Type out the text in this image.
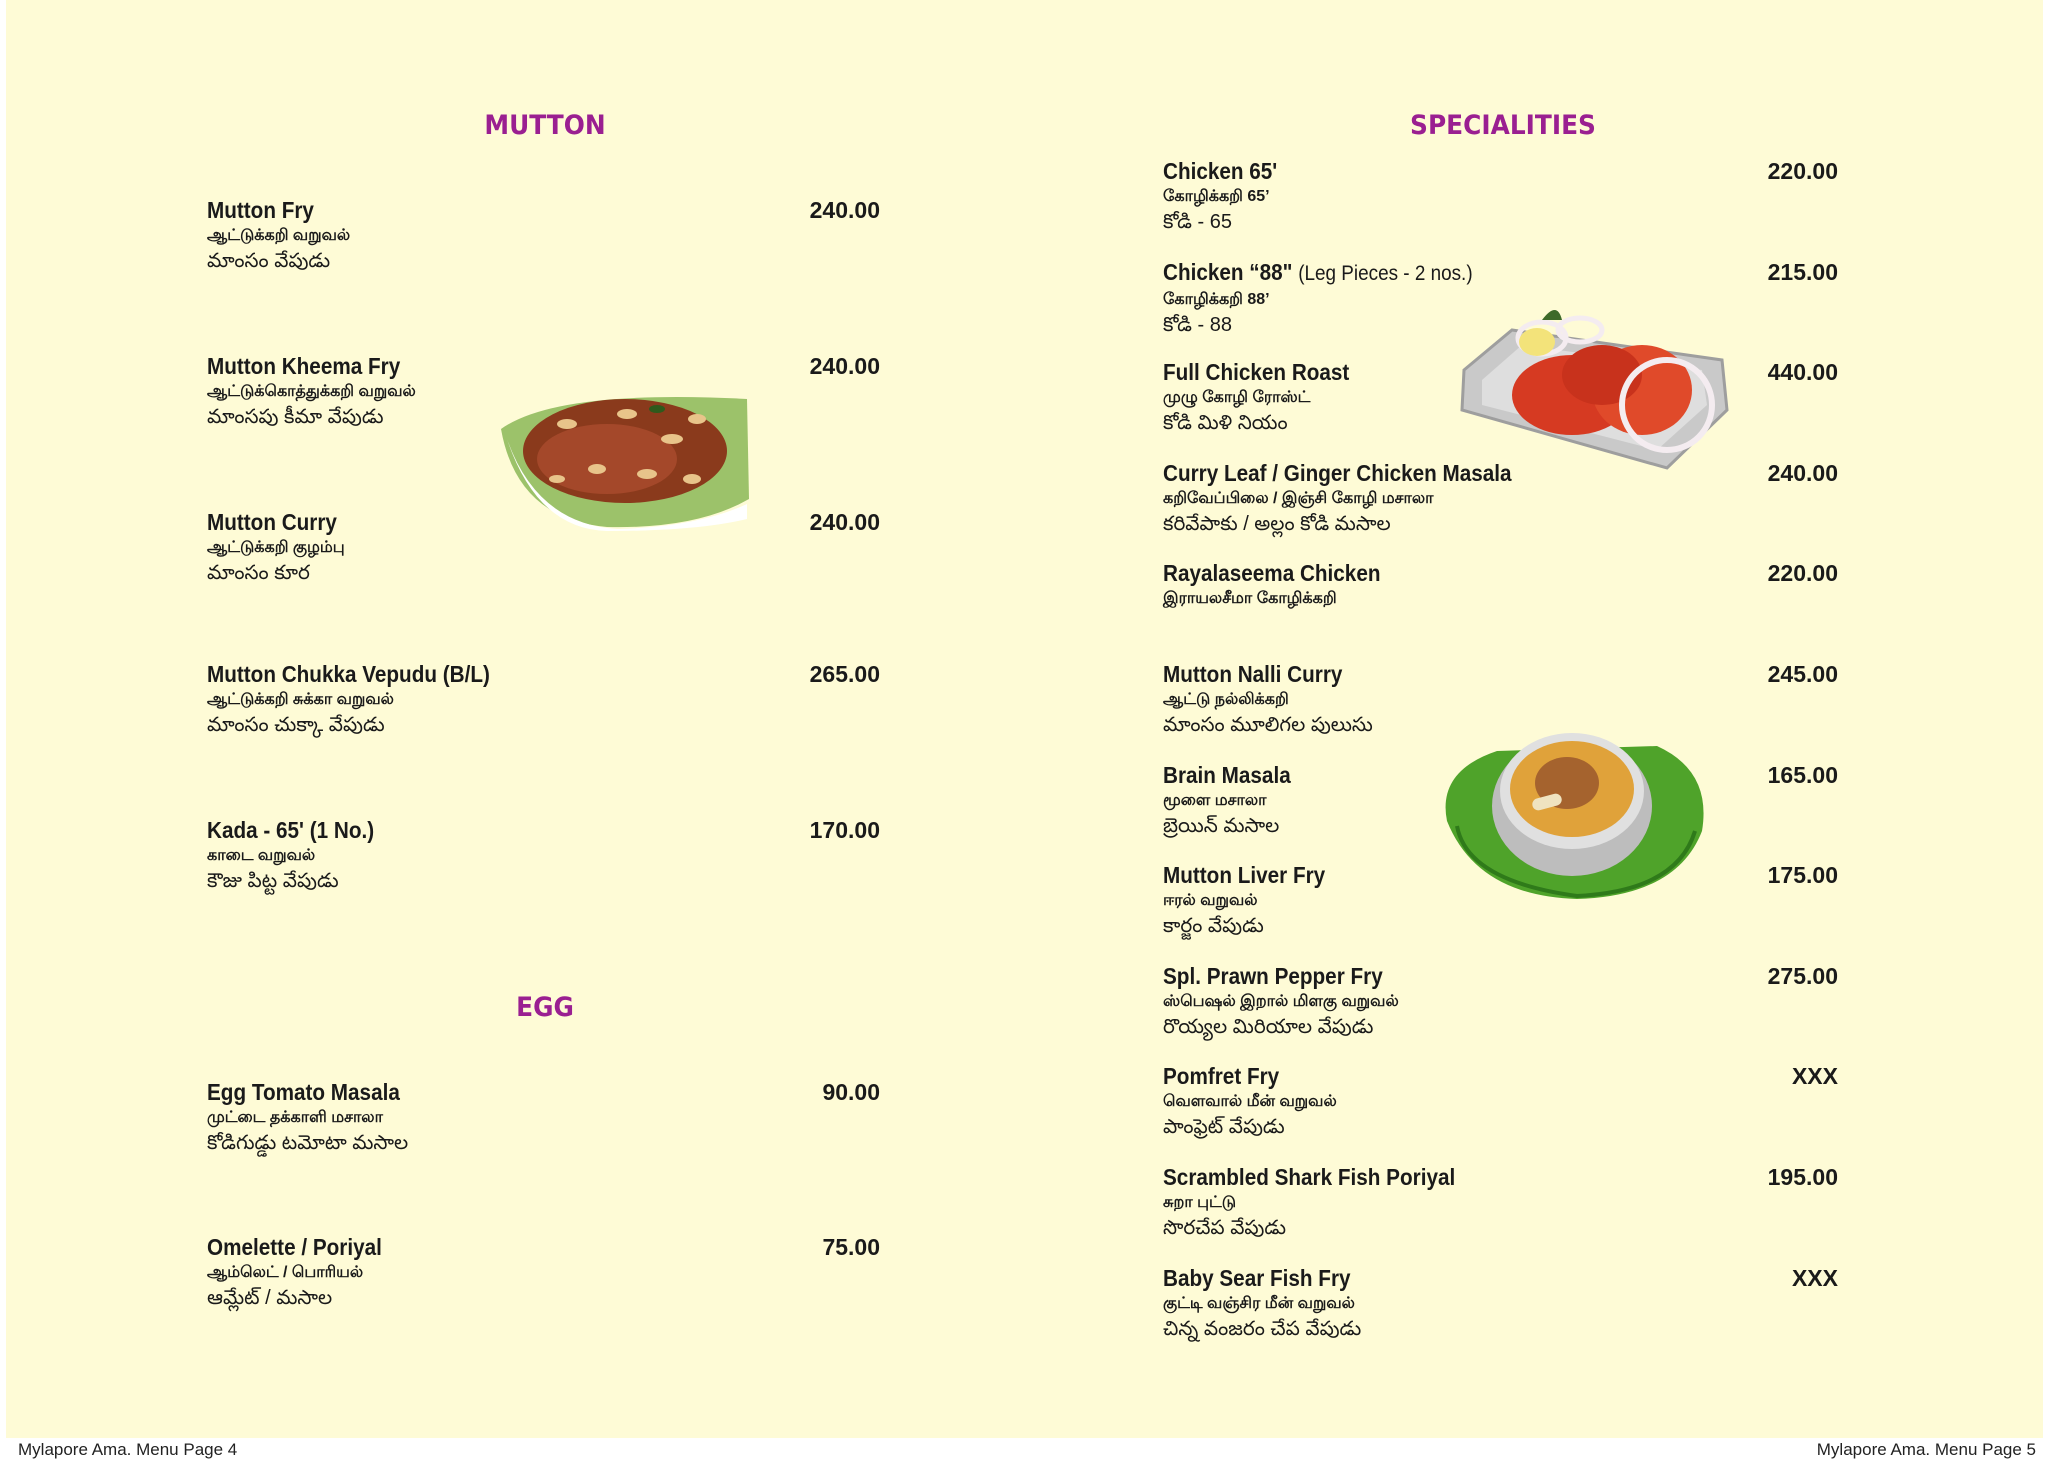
MUTTON
Mutton Fry	240.00
ஆட்டுக்கறி வறுவல்
మాంసం వేపుడు
Mutton Kheema Fry	240.00
ஆட்டுக்கொத்துக்கறி வறுவல்
మాంసపు కీమా వేపుడు
Mutton Curry	240.00
ஆட்டுக்கறி குழம்பு
మాంసం కూర
Mutton Chukka Vepudu (B/L)	265.00
ஆட்டுக்கறி சுக்கா வறுவல்
మాంసం చుక్కా వేపుడు
Kada - 65' (1 No.)	170.00
காடை வறுவல்
కౌజు పిట్ట వేపుడు
EGG
Egg Tomato Masala	90.00
முட்டை தக்காளி மசாலா
కోడిగుడ్డు టమోటా మసాల
Omelette / Poriyal	75.00
ஆம்லெட் / பொரியல்
ఆమ్లేట్ / మసాల
Mylapore Ama. Menu Page 4
SPECIALITIES
Chicken 65'	220.00
கோழிக்கறி 65’
కోడి - 65
Chicken “88" (Leg Pieces - 2 nos.)	215.00
கோழிக்கறி 88’
కోడి - 88
Full Chicken Roast	440.00
முழு கோழி ரோஸ்ட்
కోడి మిళి నియం
Curry Leaf / Ginger Chicken Masala	240.00
கறிவேப்பிலை / இஞ்சி கோழி மசாலா
కరివేపాకు / అల్లం కోడి మసాల
Rayalaseema Chicken	220.00
இராயலசீமா கோழிக்கறி
Mutton Nalli Curry	245.00
ஆட்டு நல்லிக்கறி
మాంసం మూలిగల పులుసు
Brain Masala	165.00
மூளை மசாலா
బ్రెయిన్ మసాల
Mutton Liver Fry	175.00
ஈரல் வறுவல்
కార్జం వేపుడు
Spl. Prawn Pepper Fry	275.00
ஸ்பெஷல் இறால் மிளகு வறுவல்
రొయ్యల మిరియాల వేపుడు
Pomfret Fry	XXX
வௌவால் மீன் வறுவல்
పాంఫ్రెట్ వేపుడు
Scrambled Shark Fish Poriyal	195.00
சுறா புட்டு
సొరచేప వేపుడు
Baby Sear Fish Fry	XXX
குட்டி வஞ்சிர மீன் வறுவல்
చిన్న వంజరం చేప వేపుడు
Mylapore Ama. Menu Page 5
